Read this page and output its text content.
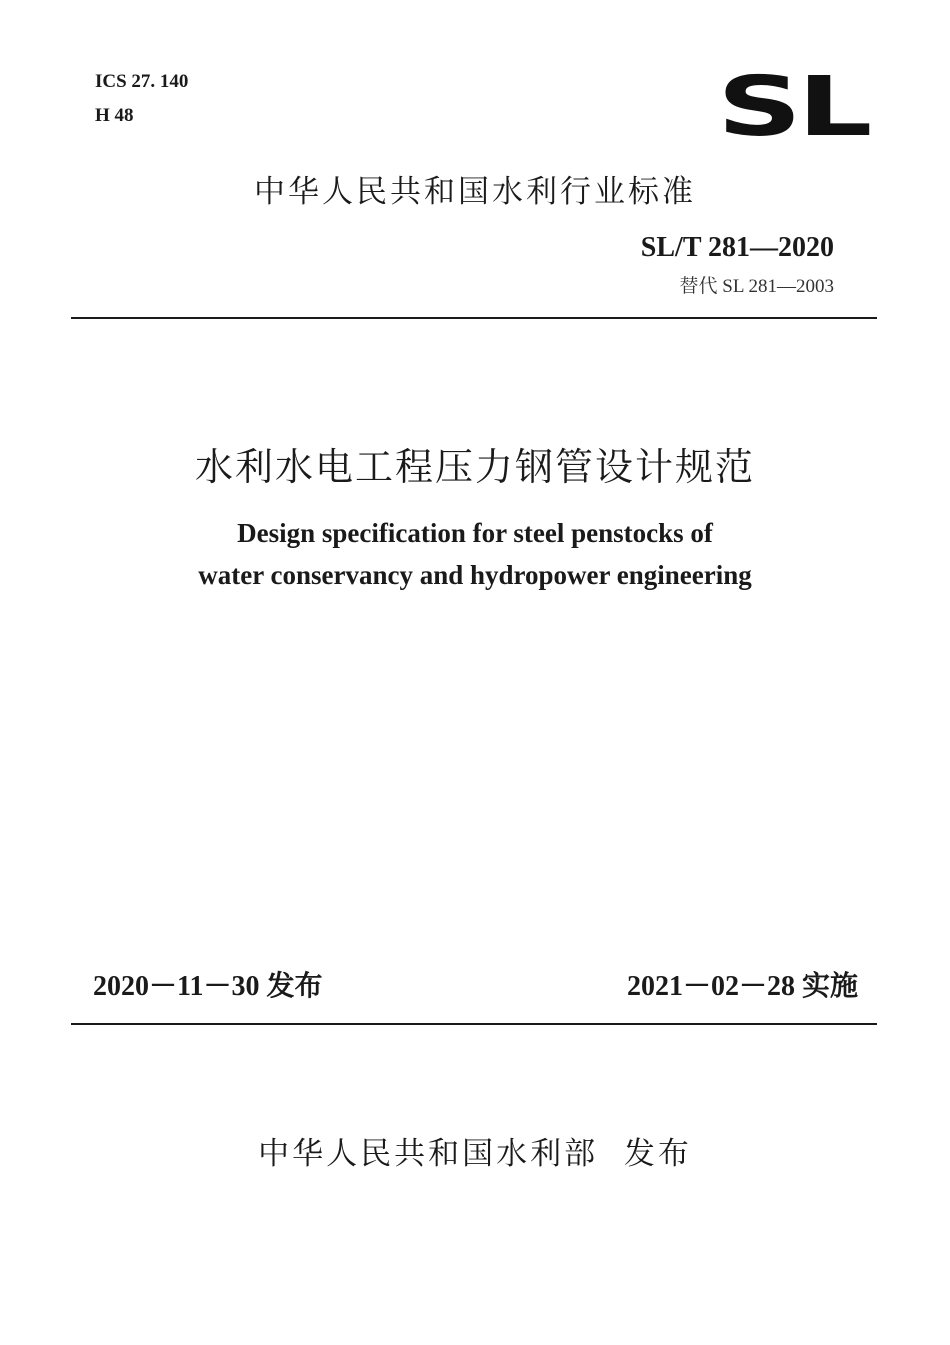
ICS 27. 140

H 48	SL
中华人民共和国水利行业标准

SL/T 281—2020

替代 SL 281—2003

水利水电工程压力钢管设计规范

Design specification for steel penstocks of

water conservancy and hydropower engineering

2020－11－30 发布	2021－02－28 实施

中华人民共和国水利部  发布
